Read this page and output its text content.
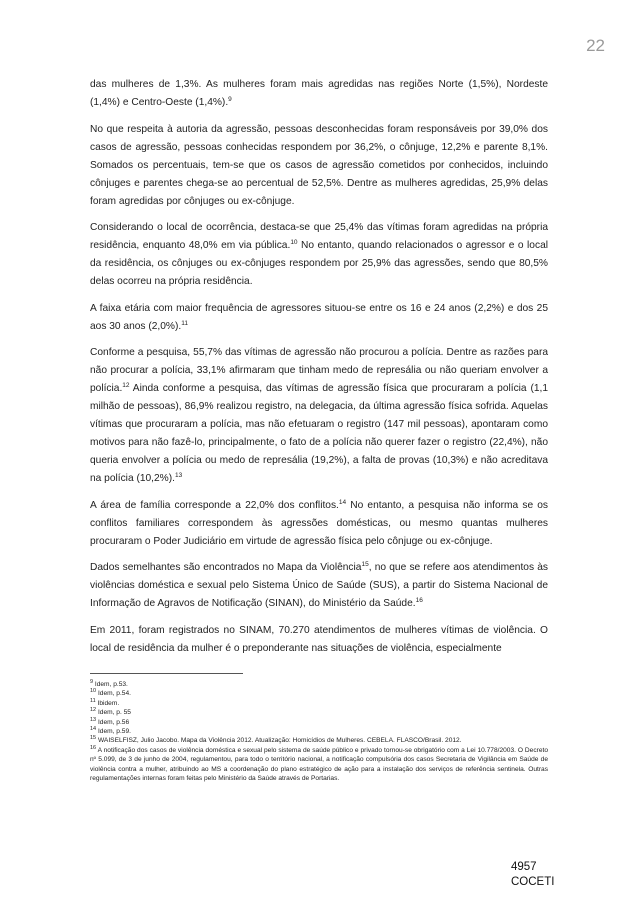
22

das mulheres de 1,3%. As mulheres foram mais agredidas nas regiões Norte (1,5%), Nordeste (1,4%) e Centro-Oeste (1,4%).$^9$

No que respeita à autoria da agressão, pessoas desconhecidas foram responsáveis por 39,0% dos casos de agressão, pessoas conhecidas respondem por 36,2%, o cônjuge, 12,2% e parente 8,1%. Somados os percentuais, tem-se que os casos de agressão cometidos por conhecidos, incluindo cônjuges e parentes chega-se ao percentual de 52,5%. Dentre as mulheres agredidas, 25,9% delas foram agredidas por cônjuges ou ex-cônjuge.

Considerando o local de ocorrência, destaca-se que 25,4% das vítimas foram agredidas na própria residência, enquanto 48,0% em via pública.$^{10}$ No entanto, quando relacionados o agressor e o local da residência, os cônjuges ou ex-cônjuges respondem por 25,9% das agressões, sendo que 80,5% delas ocorreu na própria residência.

A faixa etária com maior frequência de agressores situou-se entre os 16 e 24 anos (2,2%) e dos 25 aos 30 anos (2,0%).$^{11}$

Conforme a pesquisa, 55,7% das vítimas de agressão não procurou a polícia. Dentre as razões para não procurar a polícia, 33,1% afirmaram que tinham medo de represália ou não queriam envolver a polícia.$^{12}$ Ainda conforme a pesquisa, das vítimas de agressão física que procuraram a polícia (1,1 milhão de pessoas), 86,9% realizou registro, na delegacia, da última agressão física sofrida. Aquelas vítimas que procuraram a polícia, mas não efetuaram o registro (147 mil pessoas), apontaram como motivos para não fazê-lo, principalmente, o fato de a polícia não querer fazer o registro (22,4%), não queria envolver a polícia ou medo de represália (19,2%), a falta de provas (10,3%) e não acreditava na polícia (10,2%).$^{13}$

A área de família corresponde a 22,0% dos conflitos.$^{14}$ No entanto, a pesquisa não informa se os conflitos familiares correspondem às agressões domésticas, ou mesmo quantas mulheres procuraram o Poder Judiciário em virtude de agressão física pelo cônjuge ou ex-cônjuge.

Dados semelhantes são encontrados no Mapa da Violência$^{15}$, no que se refere aos atendimentos às violências doméstica e sexual pelo Sistema Único de Saúde (SUS), a partir do Sistema Nacional de Informação de Agravos de Notificação (SINAN), do Ministério da Saúde.$^{16}$

Em 2011, foram registrados no SINAM, 70.270 atendimentos de mulheres vítimas de violência. O local de residência da mulher é o preponderante nas situações de violência, especialmente

$^9$ Idem, p.53.

$^{10}$ Idem, p.54.

$^{11}$ Ibidem.

$^{12}$ Idem, p. 55

$^{13}$ Idem, p.56

$^{14}$ Idem, p.59.

$^{15}$ WAISELFISZ, Julio Jacobo. Mapa da Violência 2012. Atualização: Homicídios de Mulheres. CEBELA. FLASCO/Brasil. 2012.

$^{16}$ A notificação dos casos de violência doméstica e sexual pelo sistema de saúde público e privado tornou-se obrigatório com a Lei 10.778/2003. O Decreto nº 5.099, de 3 de junho de 2004, regulamentou, para todo o território nacional, a notificação compulsória dos casos Secretaria de Vigilância em Saúde de violência contra a mulher, atribuindo ao MS a coordenação do plano estratégico de ação para a instalação dos serviços de referência sentinela. Outras regulamentações internas foram feitas pelo Ministério da Saúde através de Portarias.

4957
COCETI
